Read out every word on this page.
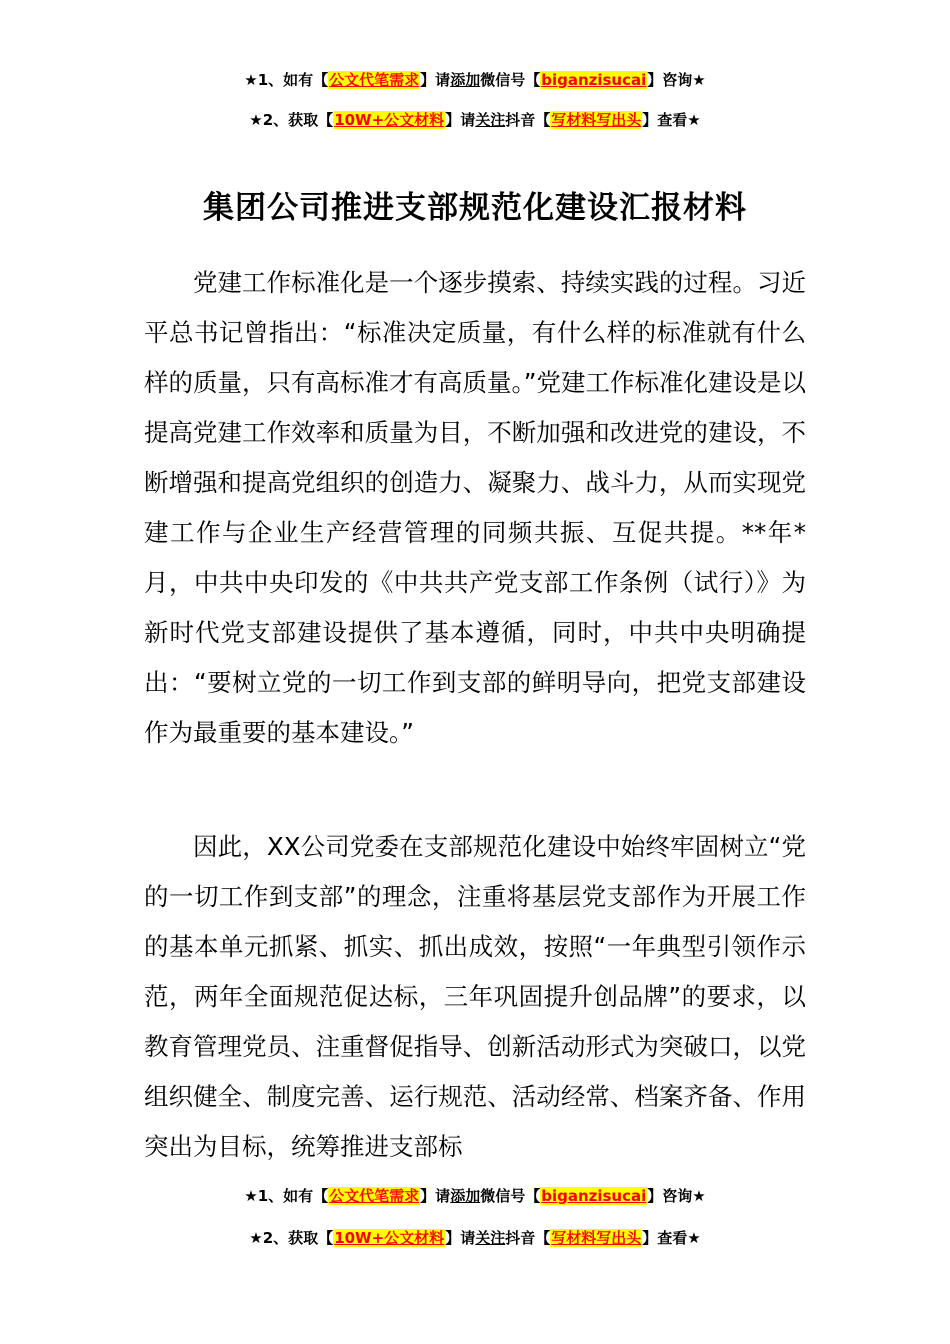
★1、如有【公文代笔需求】请添加微信号【biganzisucai】咨询★
★2、获取【10W+公文材料】请关注抖音【写材料写出头】查看★
集团公司推进支部规范化建设汇报材料

党建工作标准化是一个逐步摸索、持续实践的过程。习近平总书记曾指出：“标准决定质量，有什么样的标准就有什么样的质量，只有高标准才有高质量。”党建工作标准化建设是以提高党建工作效率和质量为目，不断加强和改进党的建设，不断增强和提高党组织的创造力、凝聚力、战斗力，从而实现党建工作与企业生产经营管理的同频共振、互促共提。**年*月，中共中央印发的《中共共产党支部工作条例（试行）》为新时代党支部建设提供了基本遵循，同时，中共中央明确提出：“要树立党的一切工作到支部的鲜明导向，把党支部建设作为最重要的基本建设。”

因此，XX公司党委在支部规范化建设中始终牢固树立“党的一切工作到支部”的理念，注重将基层党支部作为开展工作的基本单元抓紧、抓实、抓出成效，按照“一年典型引领作示范，两年全面规范促达标，三年巩固提升创品牌”的要求，以教育管理党员、注重督促指导、创新活动形式为突破口，以党组织健全、制度完善、运行规范、活动经常、档案齐备、作用突出为目标，统筹推进支部标

★1、如有【公文代笔需求】请添加微信号【biganzisucai】咨询★
★2、获取【10W+公文材料】请关注抖音【写材料写出头】查看★
